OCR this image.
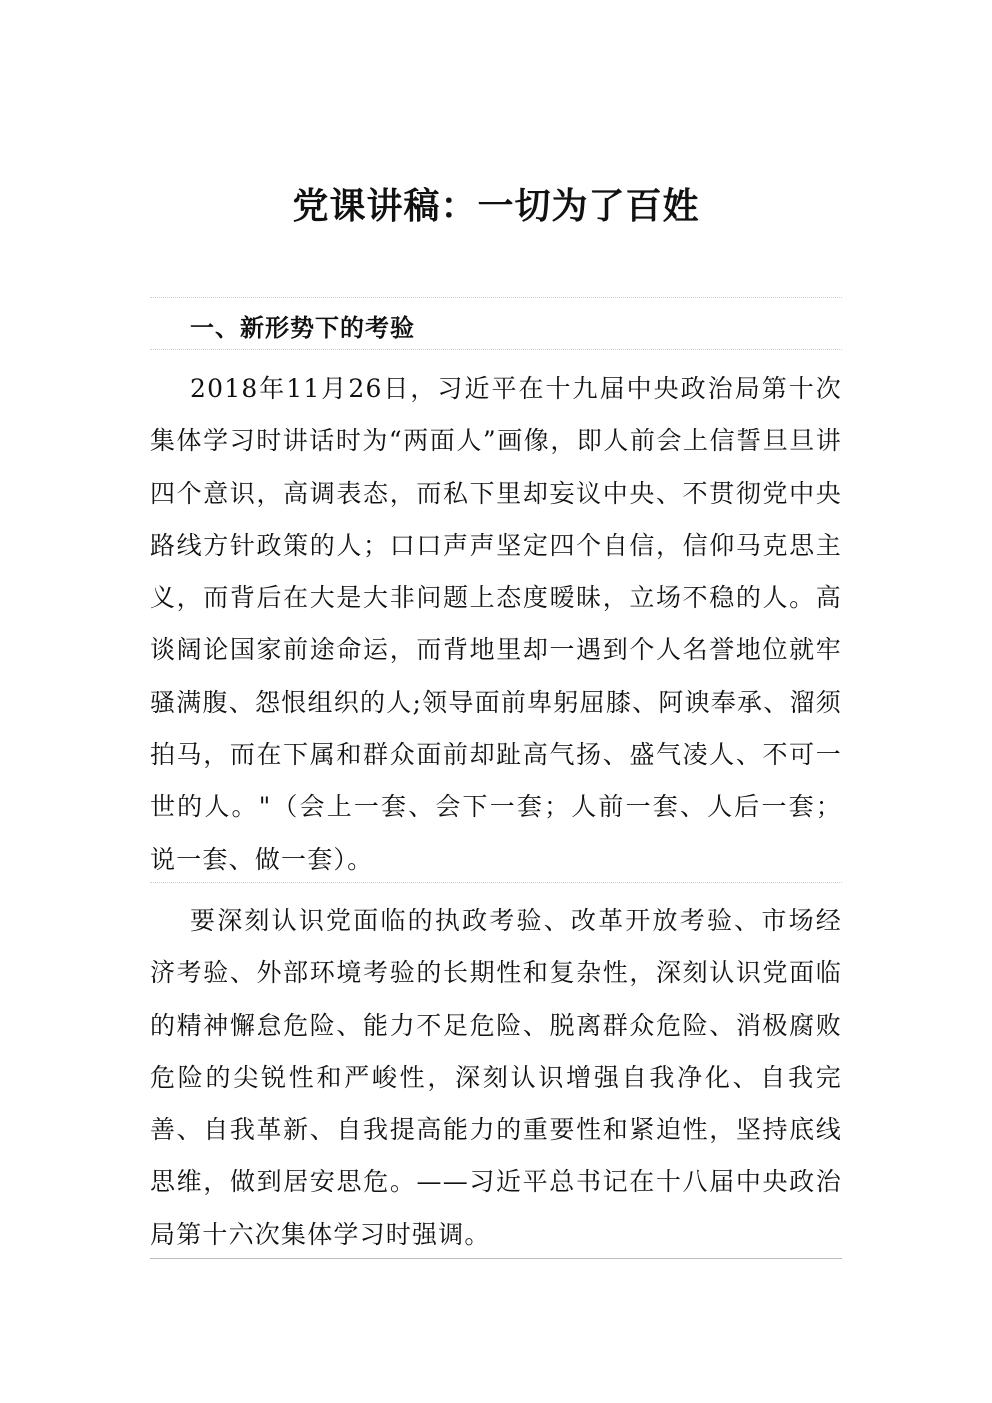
党课讲稿：一切为了百姓
一、新形势下的考验

2018年11月26日，习近平在十九届中央政治局第十次集体学习时讲话时为“两面人”画像，即人前会上信誓旦旦讲四个意识，高调表态，而私下里却妄议中央、不贯彻党中央路线方针政策的人；口口声声坚定四个自信，信仰马克思主义，而背后在大是大非问题上态度暧昧，立场不稳的人。高谈阔论国家前途命运，而背地里却一遇到个人名誉地位就牢骚满腹、怨恨组织的人;领导面前卑躬屈膝、阿谀奉承、溜须拍马，而在下属和群众面前却趾高气扬、盛气凌人、不可一世的人。"（会上一套、会下一套；人前一套、人后一套；说一套、做一套）。

要深刻认识党面临的执政考验、改革开放考验、市场经济考验、外部环境考验的长期性和复杂性，深刻认识党面临的精神懈怠危险、能力不足危险、脱离群众危险、消极腐败危险的尖锐性和严峻性，深刻认识增强自我净化、自我完善、自我革新、自我提高能力的重要性和紧迫性，坚持底线思维，做到居安思危。——习近平总书记在十八届中央政治局第十六次集体学习时强调。
